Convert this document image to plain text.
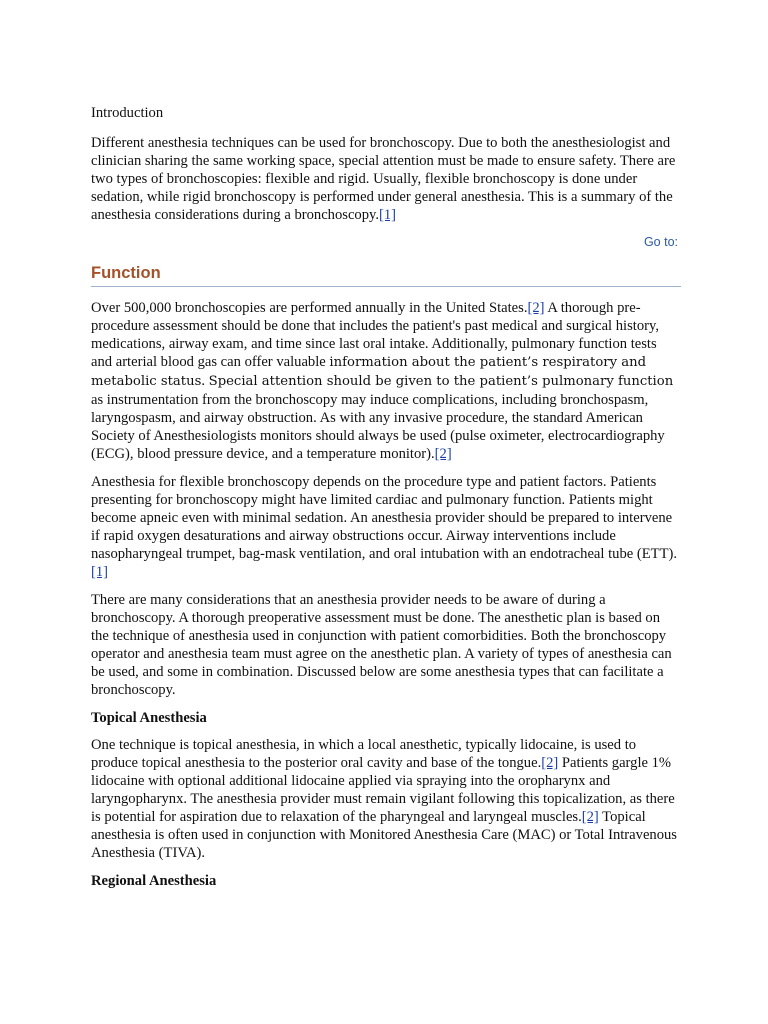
Introduction

Different anesthesia techniques can be used for bronchoscopy. Due to both the anesthesiologist and clinician sharing the same working space, special attention must be made to ensure safety. There are two types of bronchoscopies: flexible and rigid. Usually, flexible bronchoscopy is done under sedation, while rigid bronchoscopy is performed under general anesthesia. This is a summary of the anesthesia considerations during a bronchoscopy.[1]

Go to:
Function

Over 500,000 bronchoscopies are performed annually in the United States.[2] A thorough pre-procedure assessment should be done that includes the patient's past medical and surgical history, medications, airway exam, and time since last oral intake. Additionally, pulmonary function tests and arterial blood gas can offer valuable information about the patient’s respiratory and metabolic status. Special attention should be given to the patient’s pulmonary function as instrumentation from the bronchoscopy may induce complications, including bronchospasm, laryngospasm, and airway obstruction. As with any invasive procedure, the standard American Society of Anesthesiologists monitors should always be used (pulse oximeter, electrocardiography (ECG), blood pressure device, and a temperature monitor).[2]

Anesthesia for flexible bronchoscopy depends on the procedure type and patient factors. Patients presenting for bronchoscopy might have limited cardiac and pulmonary function. Patients might become apneic even with minimal sedation. An anesthesia provider should be prepared to intervene if rapid oxygen desaturations and airway obstructions occur. Airway interventions include nasopharyngeal trumpet, bag-mask ventilation, and oral intubation with an endotracheal tube (ETT).[1]

There are many considerations that an anesthesia provider needs to be aware of during a bronchoscopy. A thorough preoperative assessment must be done. The anesthetic plan is based on the technique of anesthesia used in conjunction with patient comorbidities. Both the bronchoscopy operator and anesthesia team must agree on the anesthetic plan. A variety of types of anesthesia can be used, and some in combination. Discussed below are some anesthesia types that can facilitate a bronchoscopy.

Topical Anesthesia

One technique is topical anesthesia, in which a local anesthetic, typically lidocaine, is used to produce topical anesthesia to the posterior oral cavity and base of the tongue.[2] Patients gargle 1% lidocaine with optional additional lidocaine applied via spraying into the oropharynx and laryngopharynx. The anesthesia provider must remain vigilant following this topicalization, as there is potential for aspiration due to relaxation of the pharyngeal and laryngeal muscles.[2] Topical anesthesia is often used in conjunction with Monitored Anesthesia Care (MAC) or Total Intravenous Anesthesia (TIVA).

Regional Anesthesia
